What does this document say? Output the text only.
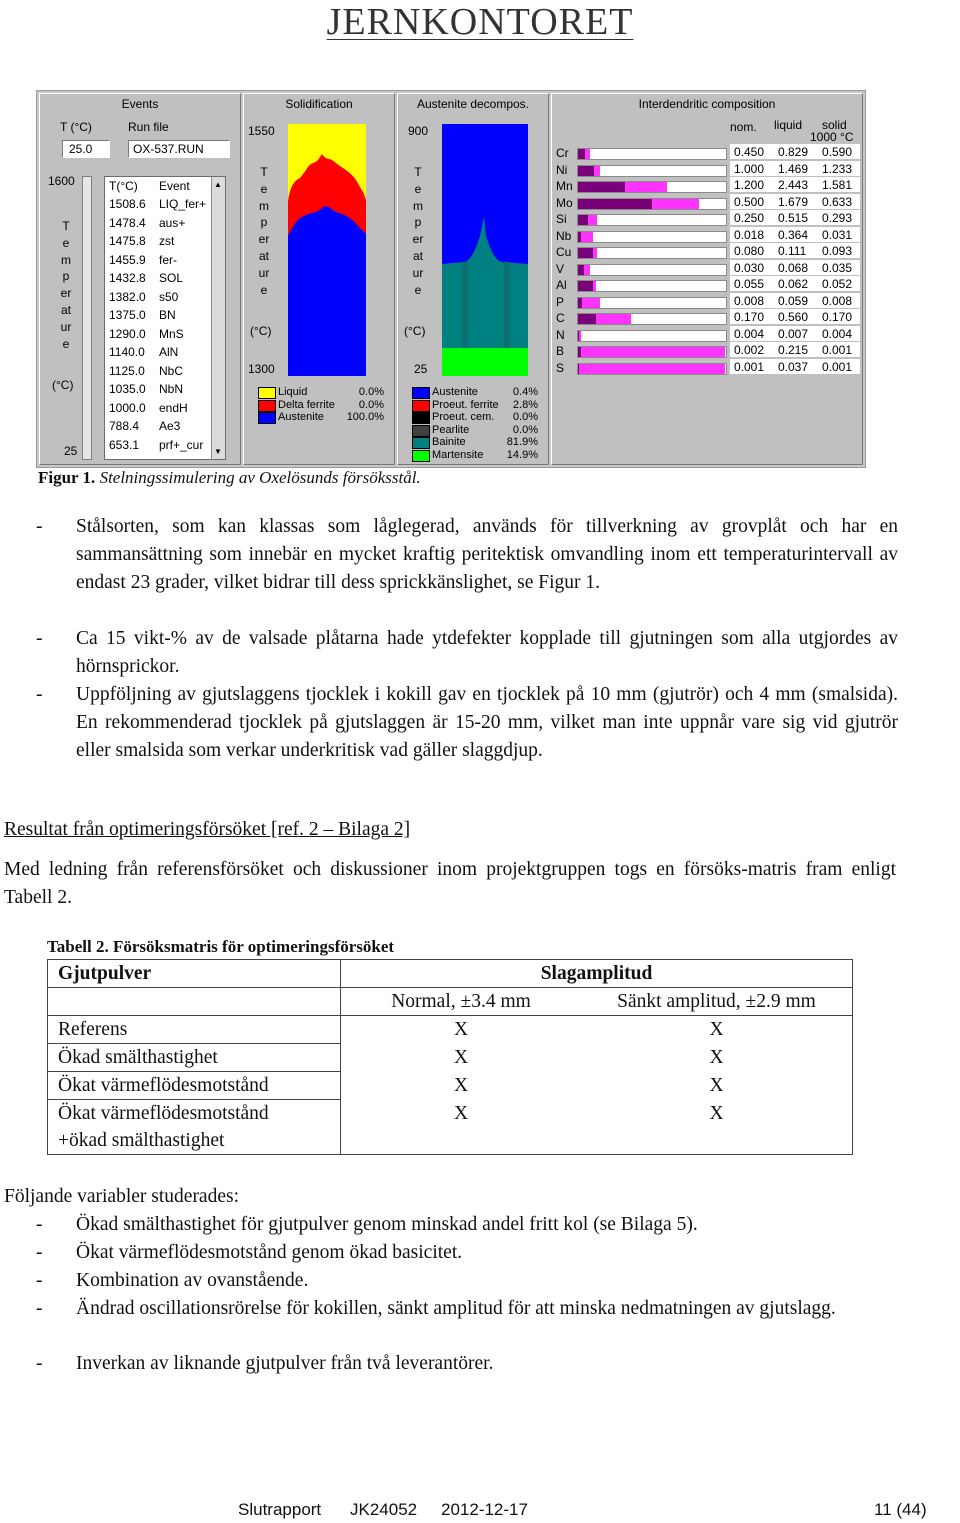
JERNKONTORET
Events
T (°C)	Run file
25.0	OX-537.RUN
1600
Temperature
(°C)
25
T(°C)	Event
1508.6	LIQ_fer+
1478.4	aus+
1475.8	zst
1455.9	fer-
1432.8	SOL
1382.0	s50
1375.0	BN
1290.0	MnS
1140.0	AlN
1125.0	NbC
1035.0	NbN
1000.0	endH
788.4	Ae3
653.1	prf+_cur
▲
▼
Solidification
1550
Temperature
(°C)
1300
Liquid	0.0%
Delta ferrite 0.0%
Austenite 100.0%
Austenite decompos.
900
Temperature
(°C)
25
Austenite	0.4%
Proeut. ferrite 2.8%
Proeut. cem. 0.0%
Pearlite	0.0%
Bainite	81.9%
Martensite 14.9%
Interdendritic composition
nom. liquid solid
1000 °C
Cr	0.450 0.829 0.590
Ni	1.000 1.469 1.233
Mn	1.200 2.443 1.581
Mo	0.500 1.679 0.633
Si	0.250 0.515 0.293
Nb	0.018 0.364 0.031
Cu	0.080 0.111 0.093
V	0.030 0.068 0.035
Al	0.055 0.062 0.052
P	0.008 0.059 0.008
C	0.170 0.560 0.170
N	0.004 0.007 0.004
B	0.002 0.215 0.001
S	0.001 0.037 0.001
Figur 1. Stelningssimulering av Oxelösunds försöksstål.
- Stålsorten, som kan klassas som låglegerad, används för tillverkning av grovplåt och har en sammansättning som innebär en mycket kraftig peritektisk omvandling inom ett temperaturintervall av endast 23 grader, vilket bidrar till dess sprickkänslighet, se Figur 1.
- Ca 15 vikt-% av de valsade plåtarna hade ytdefekter kopplade till gjutningen som alla utgjordes av hörnsprickor.
- Uppföljning av gjutslaggens tjocklek i kokill gav en tjocklek på 10 mm (gjutrör) och 4 mm (smalsida). En rekommenderad tjocklek på gjutslaggen är 15-20 mm, vilket man inte uppnår vare sig vid gjutrör eller smalsida som verkar underkritisk vad gäller slaggdjup.
Resultat från optimeringsförsöket [ref. 2 – Bilaga 2]
Med ledning från referensförsöket och diskussioner inom projektgruppen togs en försöks-matris fram enligt Tabell 2.
Tabell 2. Försöksmatris för optimeringsförsöket
Gjutpulver	Slagamplitud	
	Normal, ±3.4 mm	Sänkt amplitud, ±2.9 mm
Referens	X	X
Ökad smälthastighet	X	X
Ökat värmeflödesmotstånd	X	X

Ökat värmeflödesmotstånd
+ökad smälthastighet	X	X
Följande variabler studerades:
- Ökad smälthastighet för gjutpulver genom minskad andel fritt kol (se Bilaga 5).
- Ökat värmeflödesmotstånd genom ökad basicitet.
- Kombination av ovanstående.
- Ändrad oscillationsrörelse för kokillen, sänkt amplitud för att minska nedmatningen av gjutslagg.
- Inverkan av liknande gjutpulver från två leverantörer.
Slutrapport JK24052 2012-12-17	11 (44)
